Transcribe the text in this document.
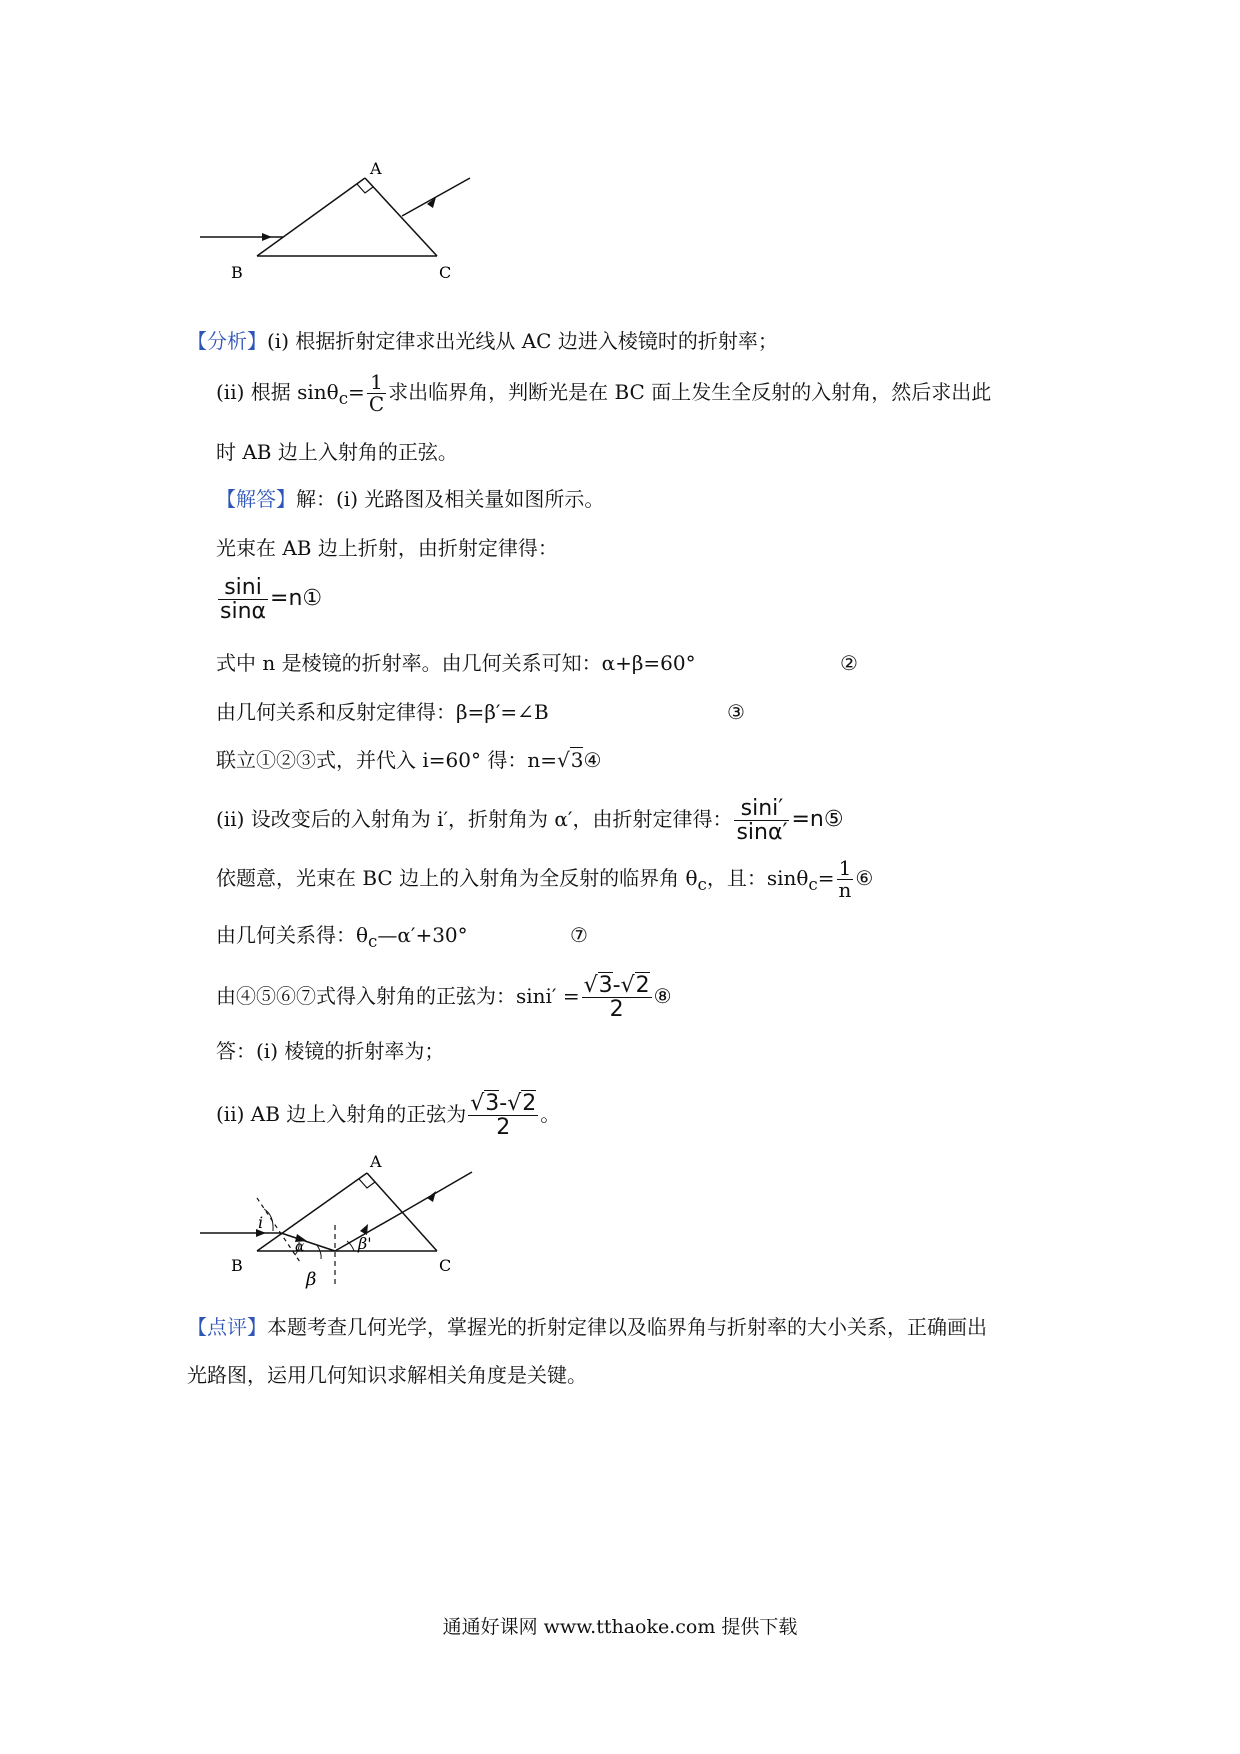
A
B	C
【分析】(i) 根据折射定律求出光线从 AC 边进入棱镜时的折射率；
(ii) 根据 $\sin\theta_c= \frac{1}{C}$ 求出临界角，判断光是在 BC 面上发生全反射的入射角，然后求出此
时 AB 边上入射角的正弦。
【解答】解：(i) 光路图及相关量如图所示。
光束在 AB 边上折射，由折射定律得：
$\frac{\sin i}{\sin\alpha}$ =n①
式中 n 是棱镜的折射率。由几何关系可知：α+β=60°	②
由几何关系和反射定律得：β=β′=∠B	③
联立①②③式，并代入 i=60° 得：n=√3④
(ii) 设改变后的入射角为 i′，折射角为 α′，由折射定律得： $\frac{\sin i'}{\sin\alpha'}$ =n⑤
依题意，光束在 BC 边上的入射角为全反射的临界角 $\theta_c$，且：$\sin\theta_c= \frac{1}{n}$ ⑥
由几何关系得：$\theta_c—\alpha'+30^\circ$	⑦
由④⑤⑥⑦式得入射角的正弦为：$\sin i' = \frac{√3-√2}{2}$ ⑧
答：(i) 棱镜的折射率为；
(ii) AB 边上入射角的正弦为 $\frac{√3-√2}{2}$ 。
A
B	C
i
α
β
β'
【点评】本题考查几何光学，掌握光的折射定律以及临界角与折射率的大小关系，正确画出
光路图，运用几何知识求解相关角度是关键。
通通好课网 www.tthaoke.com 提供下载
